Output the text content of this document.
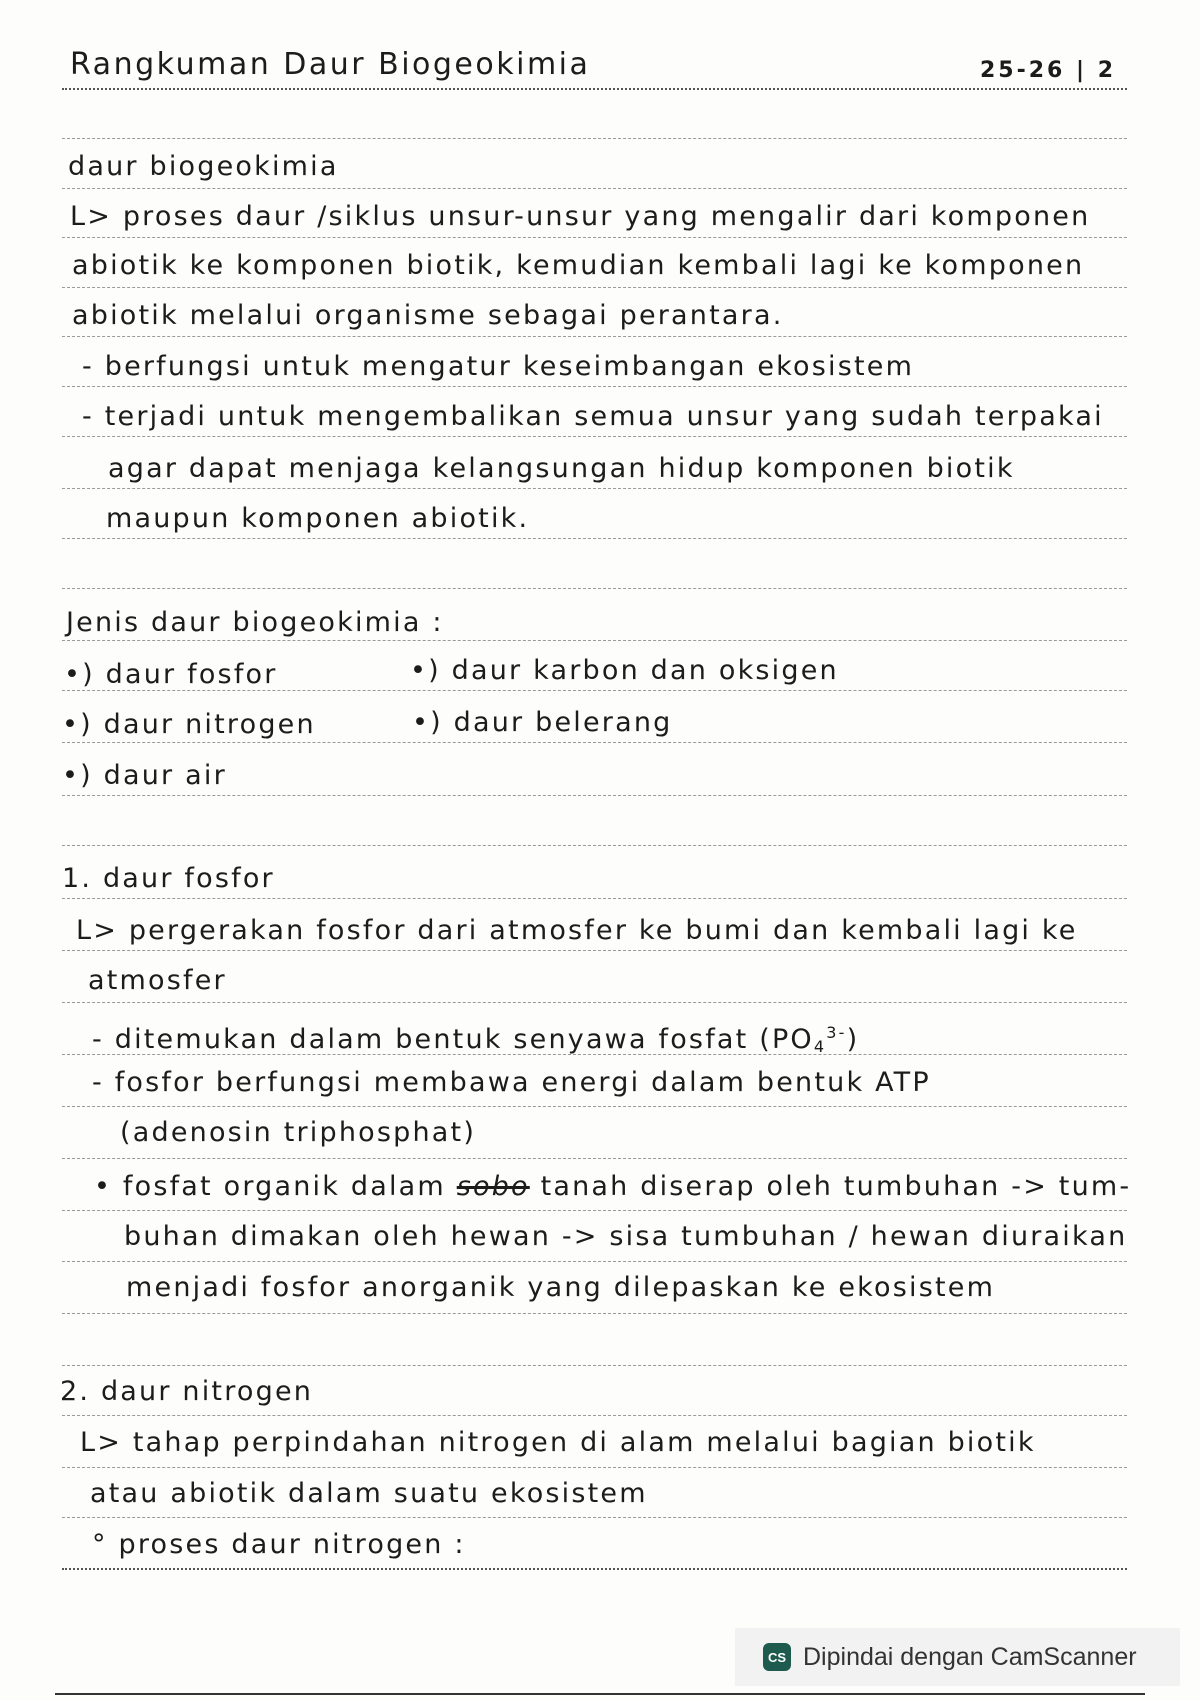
Rangkuman Daur Biogeokimia	25-26 | 2
daur biogeokimia
L> proses daur /siklus unsur-unsur yang mengalir dari komponen
abiotik ke komponen biotik, kemudian kembali lagi ke komponen
abiotik melalui organisme sebagai perantara.
- berfungsi untuk mengatur keseimbangan ekosistem
- terjadi untuk mengembalikan semua unsur yang sudah terpakai
agar dapat menjaga kelangsungan hidup komponen biotik
maupun komponen abiotik.
Jenis daur biogeokimia :
•) daur fosfor	•) daur karbon dan oksigen
•) daur nitrogen	•) daur belerang
•) daur air
1. daur fosfor
L> pergerakan fosfor dari atmosfer ke bumi dan kembali lagi ke
atmosfer
- ditemukan dalam bentuk senyawa fosfat $(PO_4^{3-})$
- fosfor berfungsi membawa energi dalam bentuk ATP
(adenosin triphosphat)
• fosfat organik dalam sobo tanah diserap oleh tumbuhan -> tum-
buhan dimakan oleh hewan -> sisa tumbuhan / hewan diuraikan
menjadi fosfor anorganik yang dilepaskan ke ekosistem
2. daur nitrogen
L> tahap perpindahan nitrogen di alam melalui bagian biotik
atau abiotik dalam suatu ekosistem
° proses daur nitrogen :
CS Dipindai dengan CamScanner
